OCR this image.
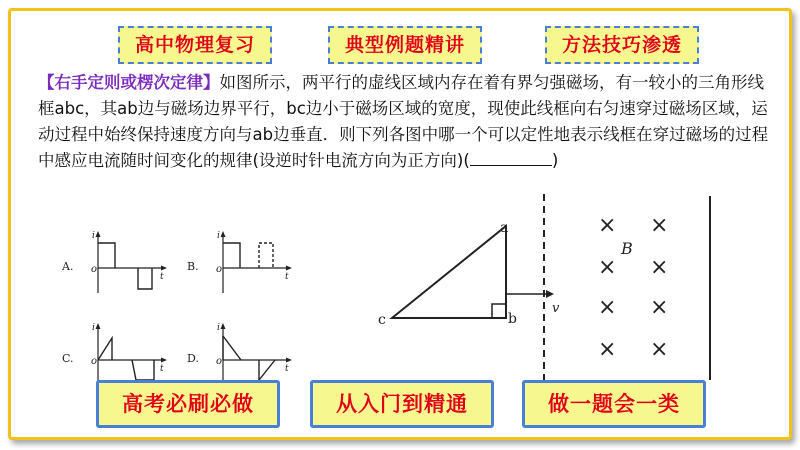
高中物理复习	典型例题精讲	方法技巧渗透

【右手定则或楞次定律】如图所示，两平行的虚线区域内存在着有界匀强磁场，有一较小的三角形线框abc，其ab边与磁场边界平行，bc边小于磁场区域的宽度，现使此线框向右匀速穿过磁场区域，运动过程中始终保持速度方向与ab边垂直．则下列各图中哪一个可以定性地表示线框在穿过磁场的过程中感应电流随时间变化的规律(设逆时针电流方向为正方向)(	)

A. o
i
t
B. o
i
t
C. o
i
t
D. o
i
t
a
b
c
v
B
× ×
× ×
× ×
× ×
高考必刷必做	从入门到精通	做一题会一类
